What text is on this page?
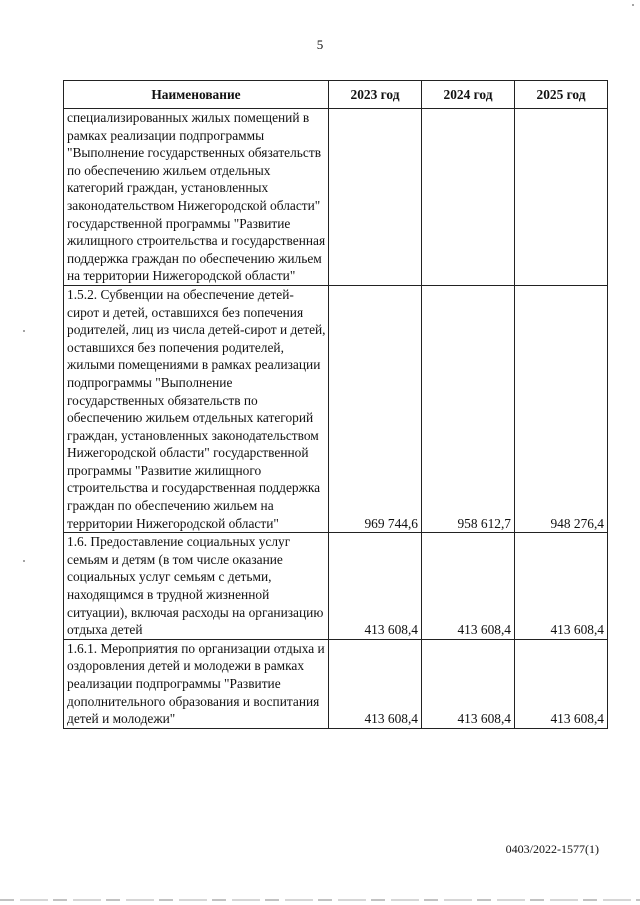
5
Наименование	2023 год	2024 год	2025 год
специализированных жилых помещений в рамках реализации подпрограммы "Выполнение государственных обязательств по обеспечению жильем отдельных категорий граждан, установленных законодательством Нижегородской области" государственной программы "Развитие жилищного строительства и государственная поддержка граждан по обеспечению жильем на территории Нижегородской области"			
1.5.2. Субвенции на обеспечение детей-сирот и детей, оставшихся без попечения родителей, лиц из числа детей-сирот и детей, оставшихся без попечения родителей, жилыми помещениями в рамках реализации подпрограммы "Выполнение государственных обязательств по обеспечению жильем отдельных категорий граждан, установленных законодательством Нижегородской области" государственной программы "Развитие жилищного строительства и государственная поддержка граждан по обеспечению жильем на территории Нижегородской области"	969 744,6	958 612,7	948 276,4
1.6. Предоставление социальных услуг семьям и детям (в том числе оказание социальных услуг семьям с детьми, находящимся в трудной жизненной ситуации), включая расходы на организацию отдыха детей	413 608,4	413 608,4	413 608,4
1.6.1. Мероприятия по организации отдыха и оздоровления детей и молодежи в рамках реализации подпрограммы "Развитие дополнительного образования и воспитания детей и молодежи"	413 608,4	413 608,4	413 608,4
0403/2022-1577(1)
